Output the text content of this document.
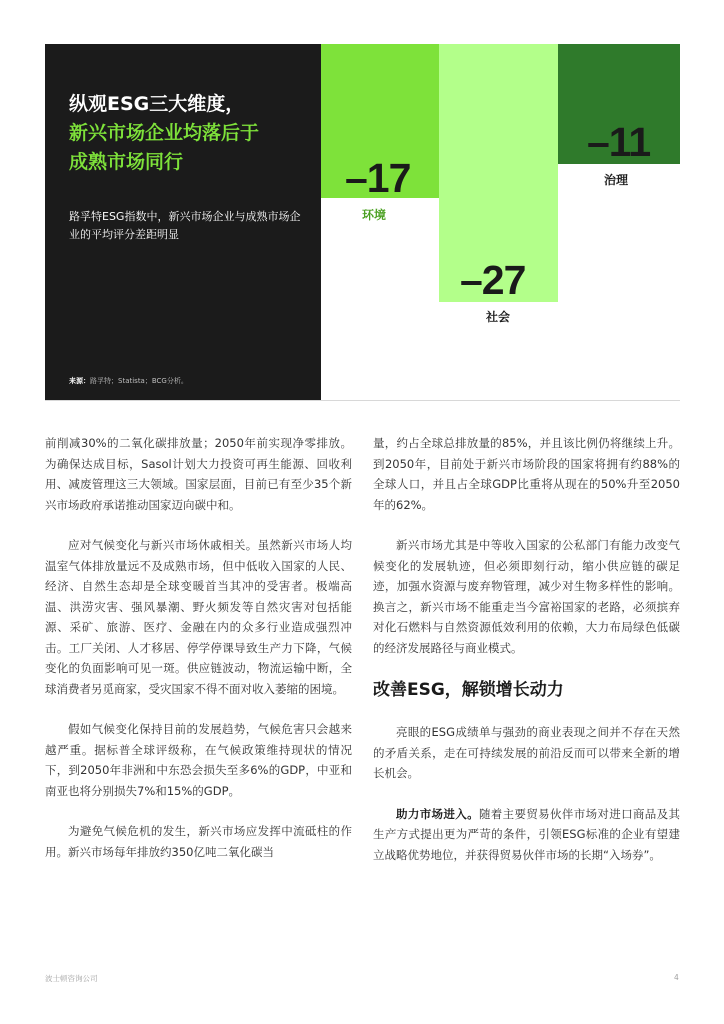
纵观ESG三大维度，
新兴市场企业均落后于
成熟市场同行
路孚特ESG指数中，新兴市场企业与成熟市场企业的平均评分差距明显
来源：路孚特；Statista；BCG分析。
–17
环境
–27
社会
–11
治理

前削减30%的二氧化碳排放量；2050年前实现净零排放。为确保达成目标，Sasol计划大力投资可再生能源、回收利用、减废管理这三大领域。国家层面，目前已有至少35个新兴市场政府承诺推动国家迈向碳中和。

应对气候变化与新兴市场休戚相关。虽然新兴市场人均温室气体排放量远不及成熟市场，但中低收入国家的人民、经济、自然生态却是全球变暖首当其冲的受害者。极端高温、洪涝灾害、强风暴潮、野火频发等自然灾害对包括能源、采矿、旅游、医疗、金融在内的众多行业造成强烈冲击。工厂关闭、人才移居、停学停课导致生产力下降，气候变化的负面影响可见一斑。供应链波动，物流运输中断，全球消费者另觅商家，受灾国家不得不面对收入萎缩的困境。

假如气候变化保持目前的发展趋势，气候危害只会越来越严重。据标普全球评级称，在气候政策维持现状的情况下，到2050年非洲和中东恐会损失至多6%的GDP，中亚和南亚也将分别损失7%和15%的GDP。

为避免气候危机的发生，新兴市场应发挥中流砥柱的作用。新兴市场每年排放约350亿吨二氧化碳当

量，约占全球总排放量的85%，并且该比例仍将继续上升。到2050年，目前处于新兴市场阶段的国家将拥有约88%的全球人口，并且占全球GDP比重将从现在的50%升至2050年的62%。

新兴市场尤其是中等收入国家的公私部门有能力改变气候变化的发展轨迹，但必须即刻行动，缩小供应链的碳足迹，加强水资源与废弃物管理，减少对生物多样性的影响。换言之，新兴市场不能重走当今富裕国家的老路，必须摈弃对化石燃料与自然资源低效利用的依赖，大力布局绿色低碳的经济发展路径与商业模式。

改善ESG，解锁增长动力

亮眼的ESG成绩单与强劲的商业表现之间并不存在天然的矛盾关系，走在可持续发展的前沿反而可以带来全新的增长机会。

助力市场进入。随着主要贸易伙伴市场对进口商品及其生产方式提出更为严苛的条件，引领ESG标准的企业有望建立战略优势地位，并获得贸易伙伴市场的长期“入场券”。

波士顿咨询公司	4
